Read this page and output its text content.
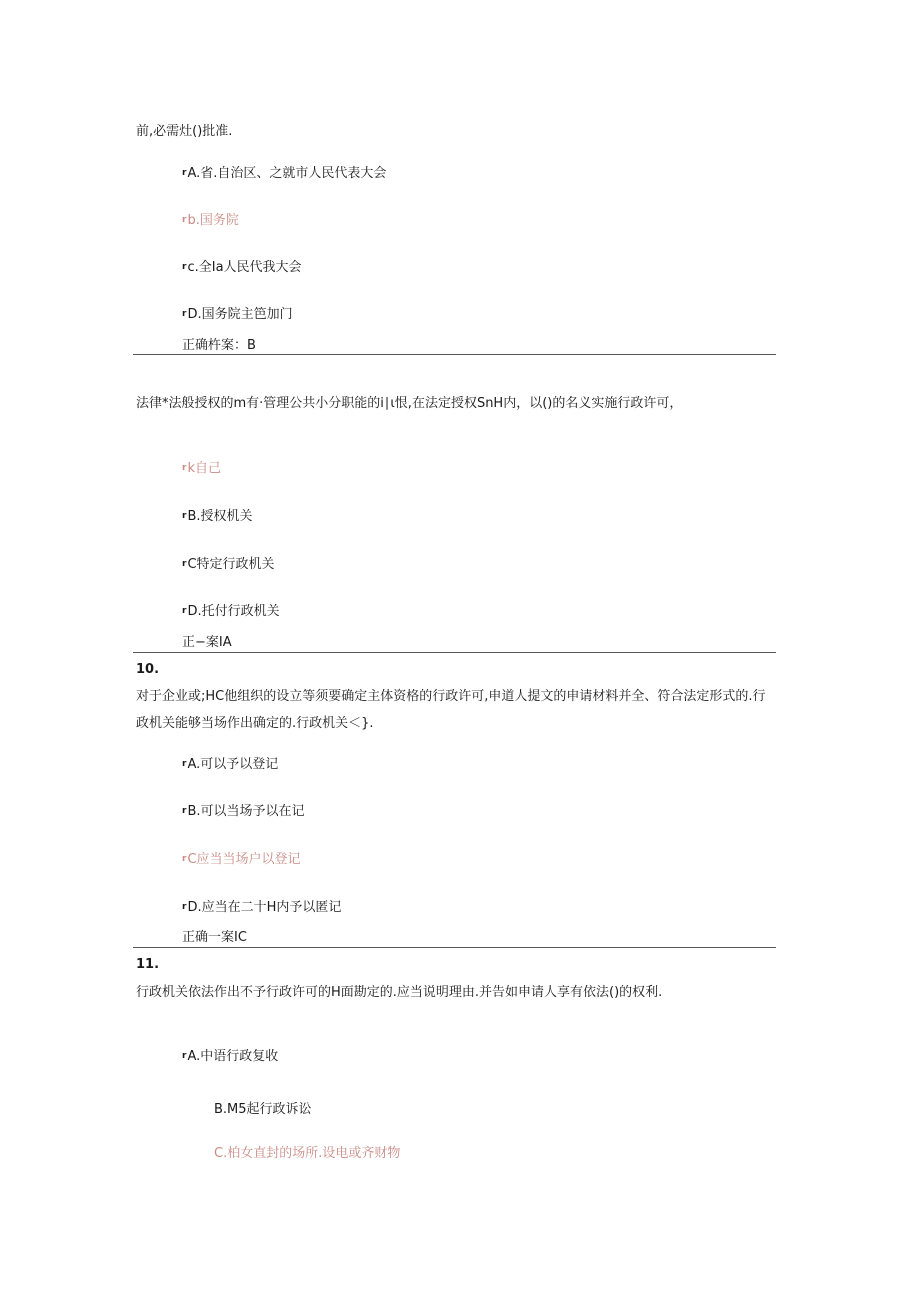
前,必需灶()批准.
rA.省.自治区、之就市人民代表大会
rb.国务院
rc.全Ia人民代我大会
rD.国务院主笆加门
正确杵案：B
法律*法般授权的m有·管理公共小分职能的i∣ι恨,在法定授权SnH内，以()的名义实施行政许可，
rk自己
rB.授权机关
rC特定行政机关
rD.托付行政机关
正−案IA
10.
对于企业或;HC他组织的设立等须要确定主体资格的行政许可,申道人提文的申请材料并全、符合法定形式的.行
政机关能够当场作出确定的.行政机关＜}.
rA.可以予以登记
rB.可以当场予以在记
rC应当当场户以登记
rD.应当在二十H内予以匿记
正确一案IC
11.
行政机关依法作出不予行政许可的H面勘定的.应当说明理由.并告如申请人享有依法()的权利.
rA.中语行政复收
B.M5起行政诉讼
C.柏女直封的场所.设电或齐财物
